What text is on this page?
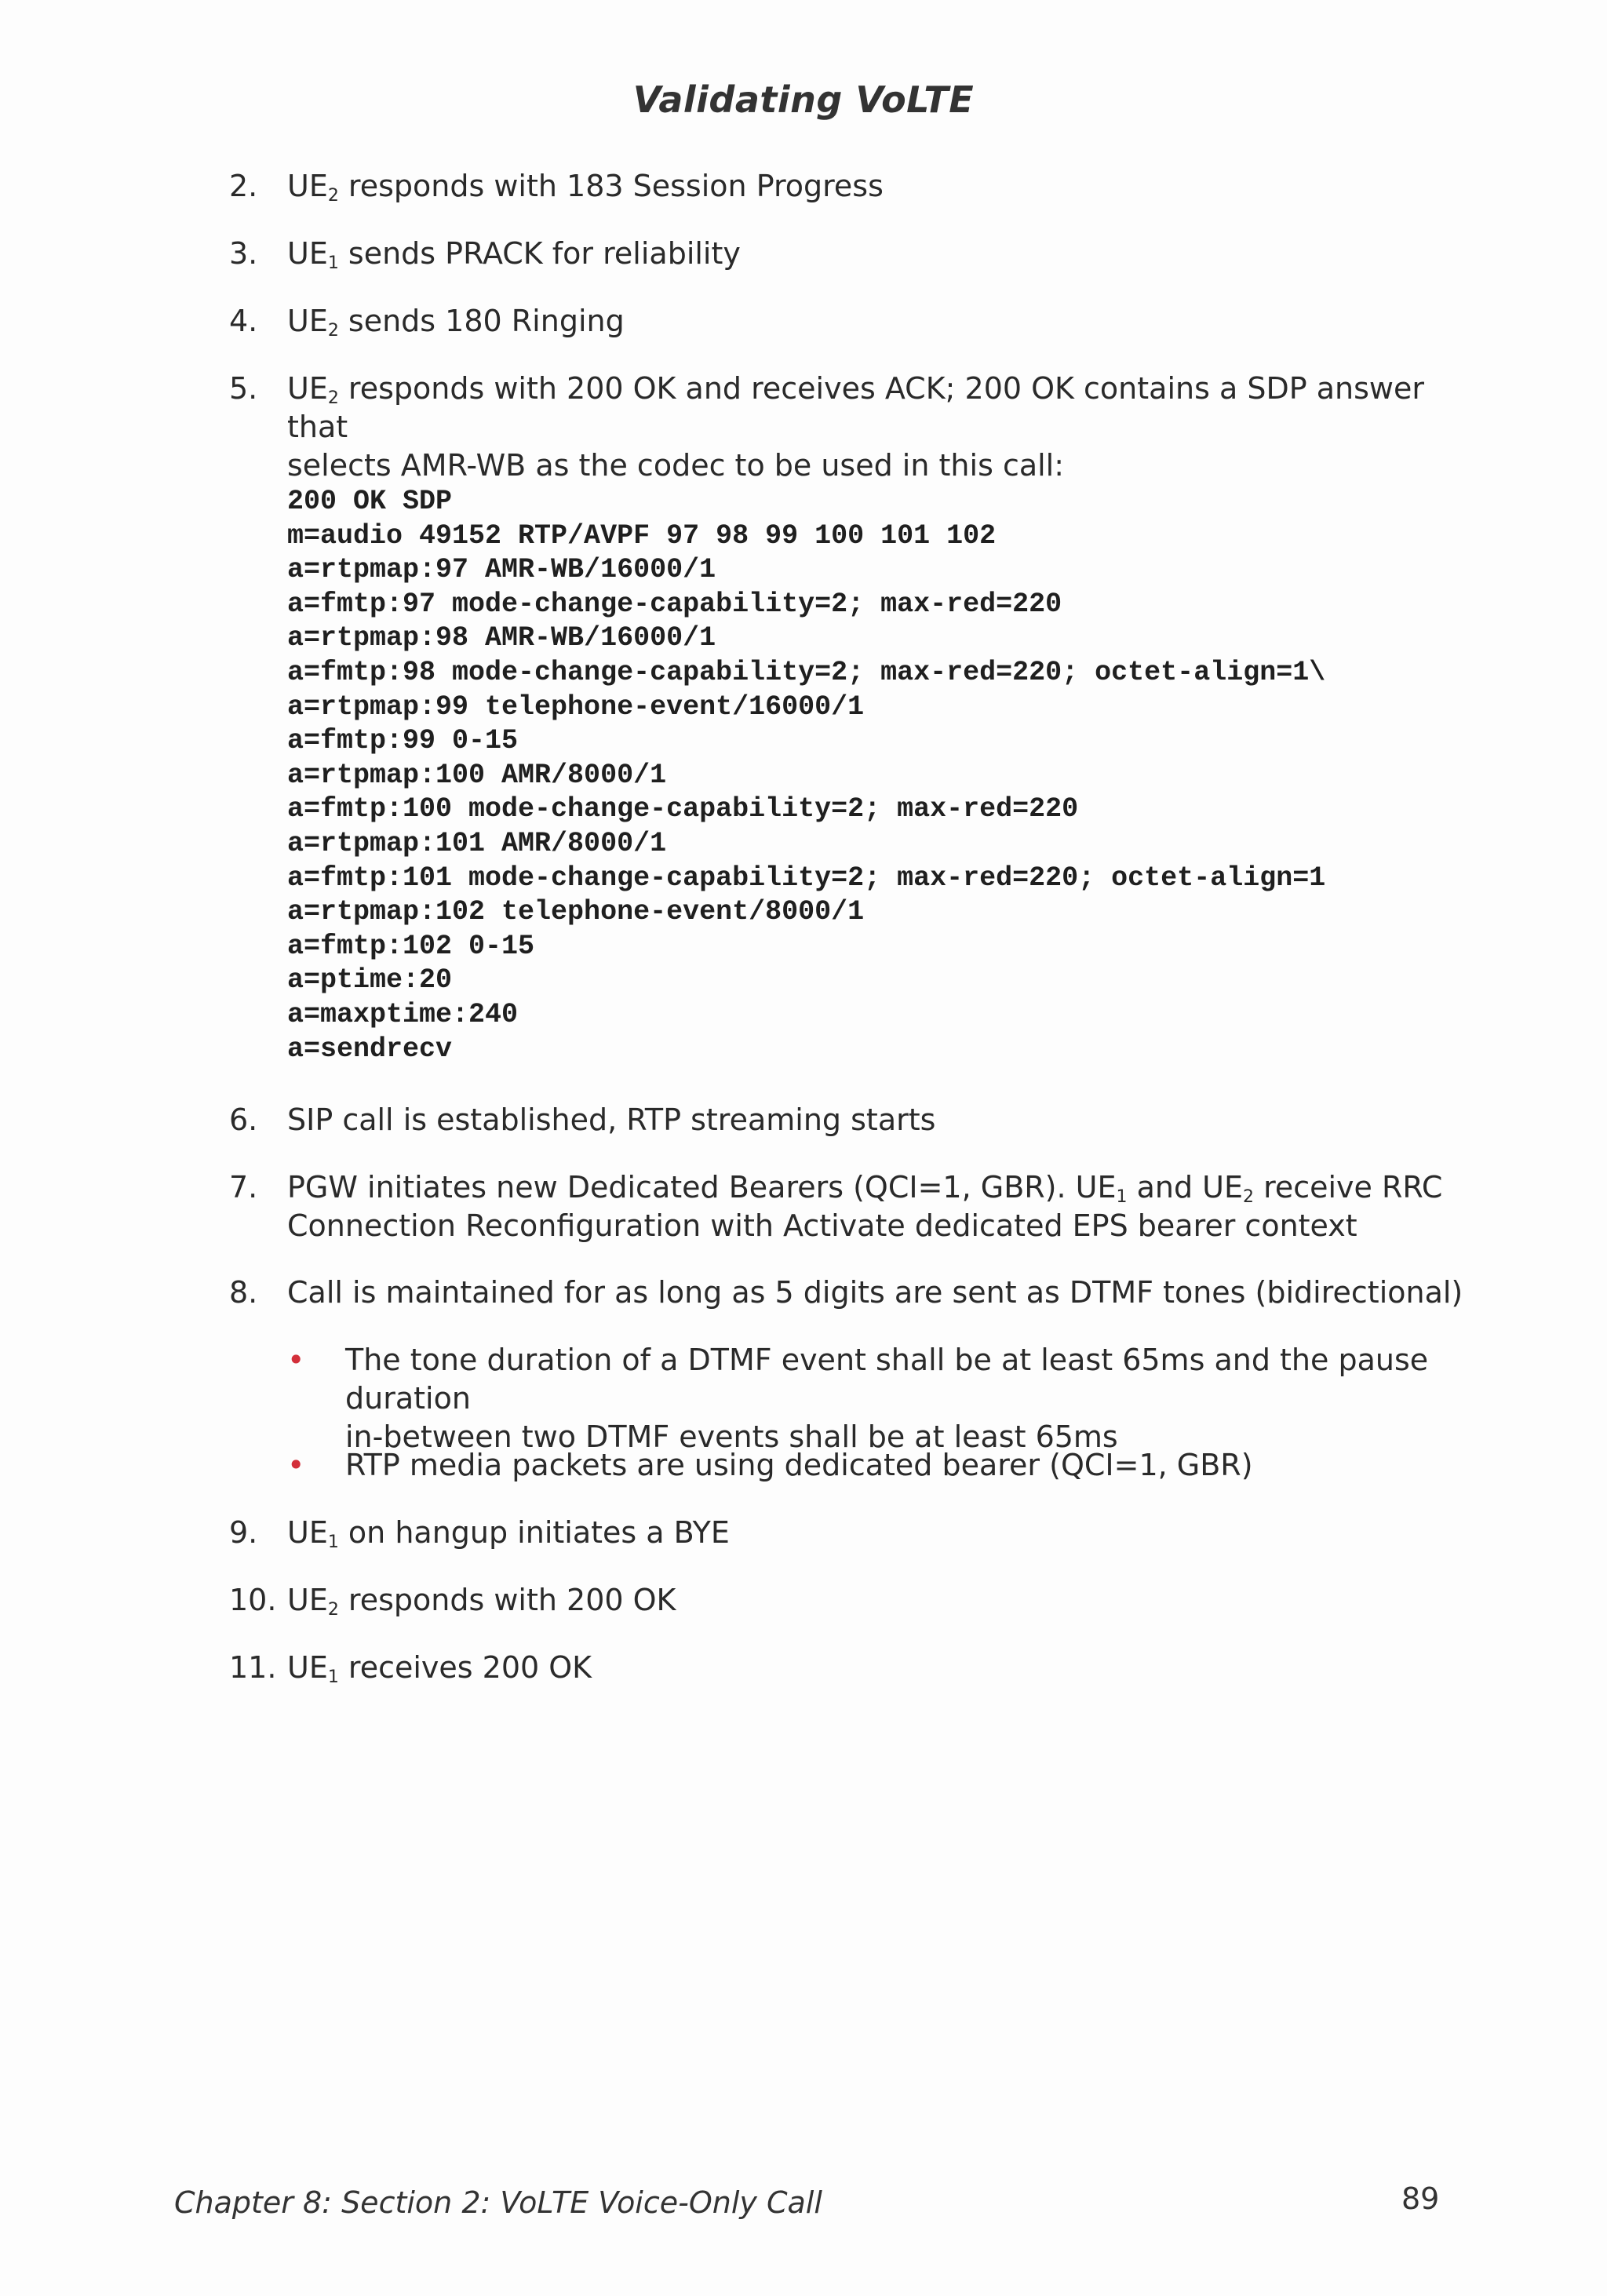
Validating VoLTE
2. $UE_2$ responds with 183 Session Progress
3. $UE_1$ sends PRACK for reliability
4. $UE_2$ sends 180 Ringing
5. $UE_2$ responds with 200 OK and receives ACK; 200 OK contains a SDP answer that
selects AMR-WB as the codec to be used in this call:
200 OK SDP
m=audio 49152 RTP/AVPF 97 98 99 100 101 102
a=rtpmap:97 AMR-WB/16000/1
a=fmtp:97 mode-change-capability=2; max-red=220
a=rtpmap:98 AMR-WB/16000/1
a=fmtp:98 mode-change-capability=2; max-red=220; octet-align=1\
a=rtpmap:99 telephone-event/16000/1
a=fmtp:99 0-15
a=rtpmap:100 AMR/8000/1
a=fmtp:100 mode-change-capability=2; max-red=220
a=rtpmap:101 AMR/8000/1
a=fmtp:101 mode-change-capability=2; max-red=220; octet-align=1
a=rtpmap:102 telephone-event/8000/1
a=fmtp:102 0-15
a=ptime:20
a=maxptime:240
a=sendrecv
6. SIP call is established, RTP streaming starts
7. PGW initiates new Dedicated Bearers (QCI=1, GBR). $UE_1$ and $UE_2$ receive RRC
Connection Reconfiguration with Activate dedicated EPS bearer context
8. Call is maintained for as long as 5 digits are sent as DTMF tones (bidirectional)
• The tone duration of a DTMF event shall be at least 65ms and the pause duration
in-between two DTMF events shall be at least 65ms
• RTP media packets are using dedicated bearer (QCI=1, GBR)
9. $UE_1$ on hangup initiates a BYE
10. $UE_2$ responds with 200 OK
11. $UE_1$ receives 200 OK
Chapter 8: Section 2: VoLTE Voice-Only Call	89
